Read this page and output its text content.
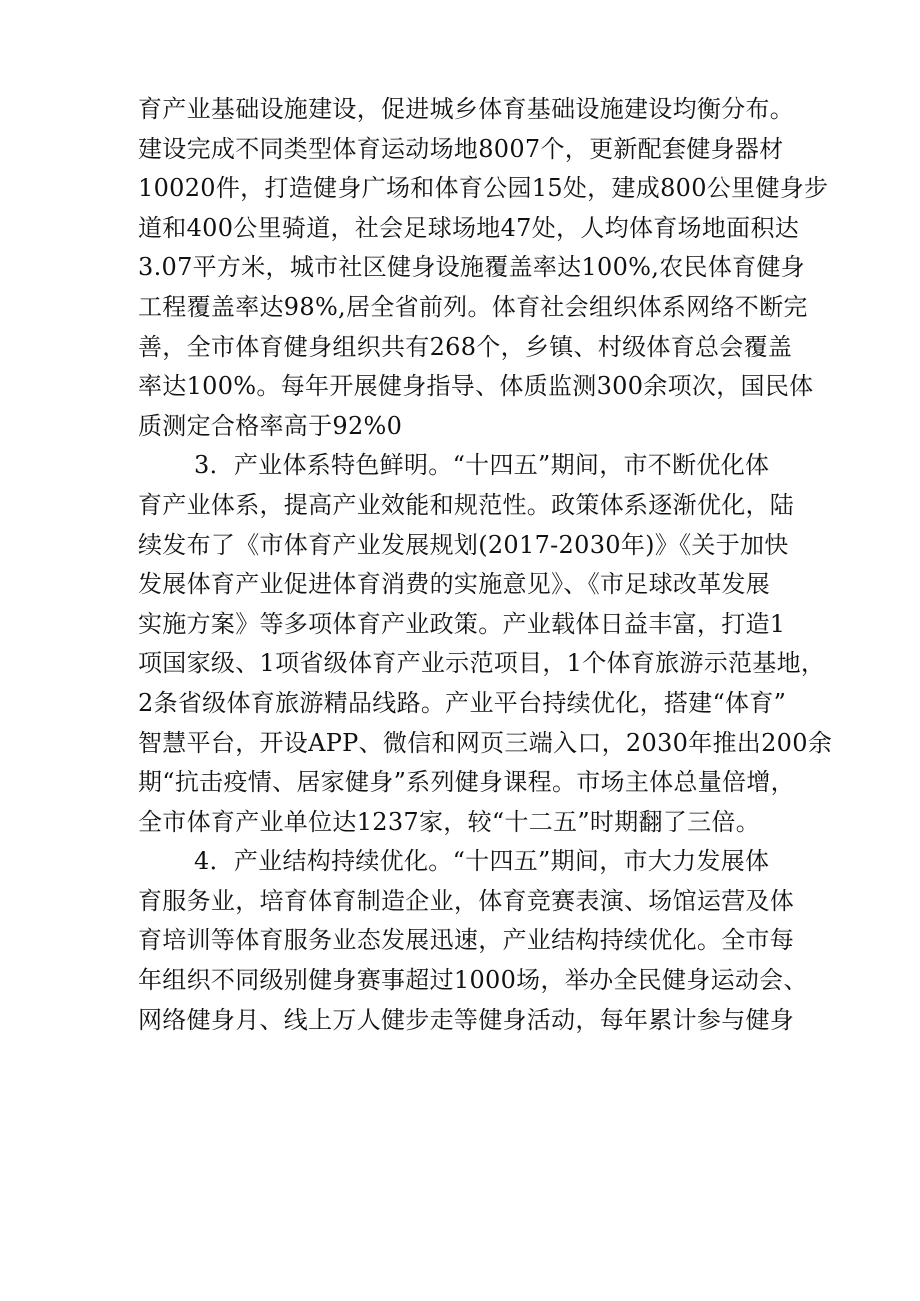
育产业基础设施建设，促进城乡体育基础设施建设均衡分布。
建设完成不同类型体育运动场地8007个，更新配套健身器材
10020件，打造健身广场和体育公园15处，建成800公里健身步
道和400公里骑道，社会足球场地47处，人均体育场地面积达
3.07平方米，城市社区健身设施覆盖率达100%,农民体育健身
工程覆盖率达98%,居全省前列。体育社会组织体系网络不断完
善，全市体育健身组织共有268个，乡镇、村级体育总会覆盖
率达100%。每年开展健身指导、体质监测300余项次，国民体
质测定合格率高于92%0
3．产业体系特色鲜明。“十四五”期间，市不断优化体
育产业体系，提高产业效能和规范性。政策体系逐渐优化，陆
续发布了《市体育产业发展规划(2017-2030年)》《关于加快
发展体育产业促进体育消费的实施意见》、《市足球改革发展
实施方案》等多项体育产业政策。产业载体日益丰富，打造1
项国家级、1项省级体育产业示范项目，1个体育旅游示范基地，
2条省级体育旅游精品线路。产业平台持续优化，搭建“体育”
智慧平台，开设APP、微信和网页三端入口，2030年推出200余
期“抗击疫情、居家健身”系列健身课程。市场主体总量倍增，
全市体育产业单位达1237家，较“十二五”时期翻了三倍。
4．产业结构持续优化。“十四五”期间，市大力发展体
育服务业，培育体育制造企业，体育竞赛表演、场馆运营及体
育培训等体育服务业态发展迅速，产业结构持续优化。全市每
年组织不同级别健身赛事超过1000场，举办全民健身运动会、
网络健身月、线上万人健步走等健身活动，每年累计参与健身
